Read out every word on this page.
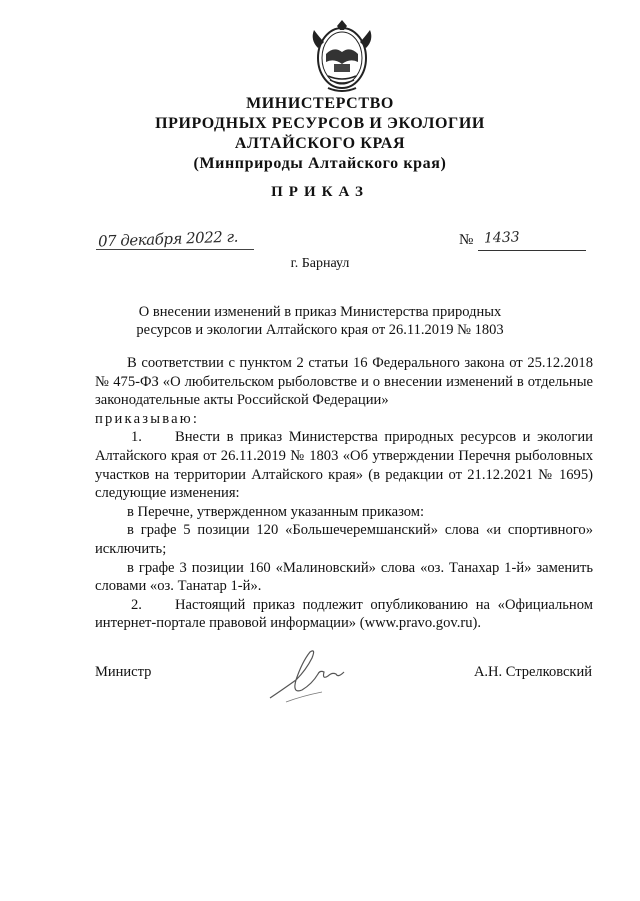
МИНИСТЕРСТВО
ПРИРОДНЫХ РЕСУРСОВ И ЭКОЛОГИИ
АЛТАЙСКОГО КРАЯ
(Минприроды Алтайского края)
ПРИКАЗ
07 декабря 2022 г.	№ 1433
г. Барнаул
О внесении изменений в приказ Министерства природных
ресурсов и экологии Алтайского края от 26.11.2019 № 1803

В соответствии с пунктом 2 статьи 16 Федерального закона от 25.12.2018 № 475-ФЗ «О любительском рыболовстве и о внесении изменений в отдельные законодательные акты Российской Федерации»

приказываю:

1. Внести в приказ Министерства природных ресурсов и экологии Алтайского края от 26.11.2019 № 1803 «Об утверждении Перечня рыболовных участков на территории Алтайского края» (в редакции от 21.12.2021 № 1695) следующие изменения:

в Перечне, утвержденном указанным приказом:

в графе 5 позиции 120 «Большечеремшанский» слова «и спортивного» исключить;

в графе 3 позиции 160 «Малиновский» слова «оз. Танахар 1-й» заменить словами «оз. Танатар 1-й».

2. Настоящий приказ подлежит опубликованию на «Официальном интернет-портале правовой информации» (www.pravo.gov.ru).

Министр	А.Н. Стрелковский
